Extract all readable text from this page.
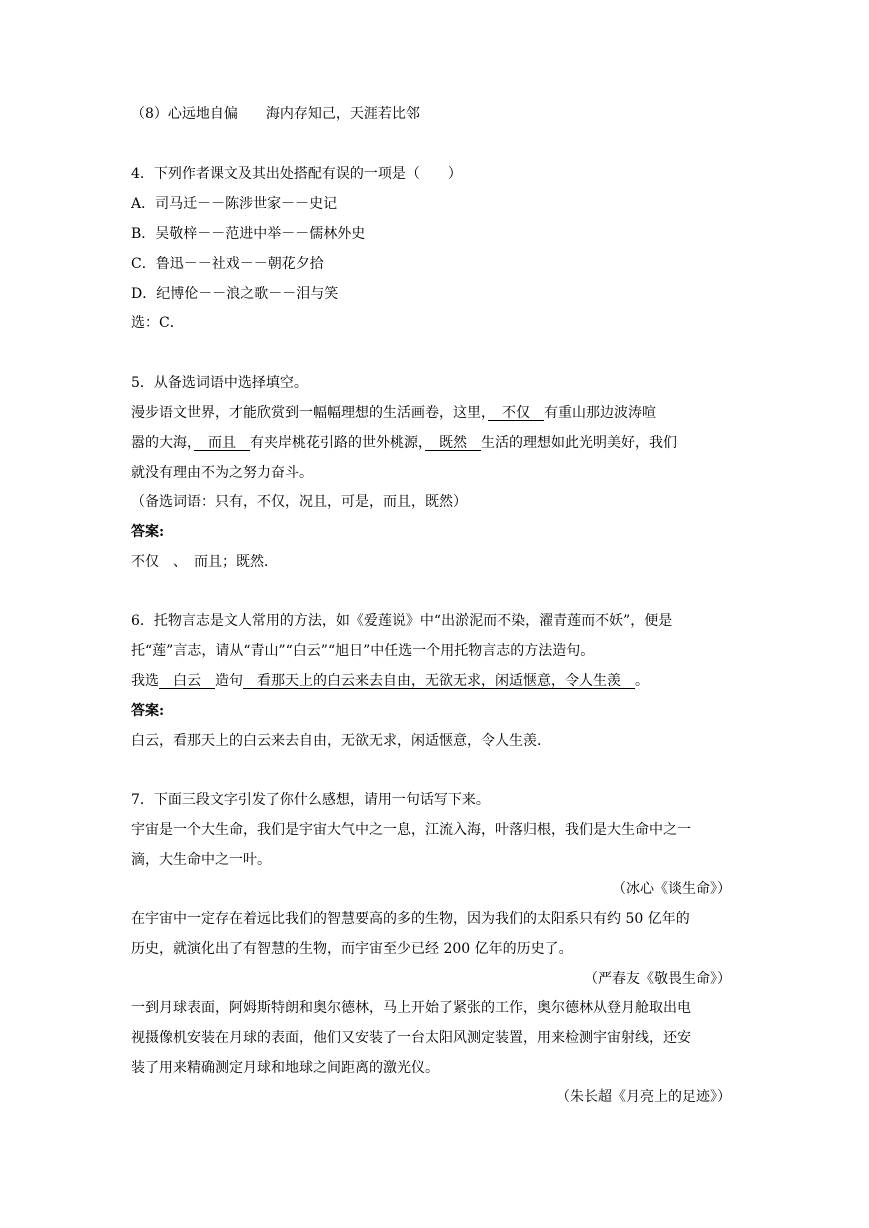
（8）心远地自偏　　海内存知己，天涯若比邻
4．下列作者课文及其出处搭配有误的一项是（　　）
A．司马迁－－陈涉世家－－史记
B．吴敬梓－－范进中举－－儒林外史
C．鲁迅－－社戏－－朝花夕拾
D．纪博伦－－浪之歌－－泪与笑
选：C．
5．从备选词语中选择填空。
漫步语文世界，才能欣赏到一幅幅理想的生活画卷，这里，　不仅　有重山那边波涛喧
嚣的大海，　而且　有夹岸桃花引路的世外桃源，　既然　生活的理想如此光明美好，我们
就没有理由不为之努力奋斗。
（备选词语：只有，不仅，况且，可是，而且，既然）
答案:
不仅　、　而且；既然．
6．托物言志是文人常用的方法，如《爱莲说》中“出淤泥而不染，濯青莲而不妖”，便是
托“莲”言志，请从“青山”“白云”“旭日”中任选一个用托物言志的方法造句。
我选　白云　造句　看那天上的白云来去自由，无欲无求，闲适惬意，令人生羡　。
答案:
白云，看那天上的白云来去自由，无欲无求，闲适惬意，令人生羡．
7．下面三段文字引发了你什么感想，请用一句话写下来。
宇宙是一个大生命，我们是宇宙大气中之一息，江流入海，叶落归根，我们是大生命中之一
滴，大生命中之一叶。
（冰心《谈生命》）
在宇宙中一定存在着远比我们的智慧要高的多的生物，因为我们的太阳系只有约 50 亿年的
历史，就演化出了有智慧的生物，而宇宙至少已经 200 亿年的历史了。
（严春友《敬畏生命》）
一到月球表面，阿姆斯特朗和奥尔德林，马上开始了紧张的工作，奥尔德林从登月舱取出电
视摄像机安装在月球的表面，他们又安装了一台太阳风测定装置，用来检测宇宙射线，还安
装了用来精确测定月球和地球之间距离的激光仪。
（朱长超《月亮上的足迹》）
